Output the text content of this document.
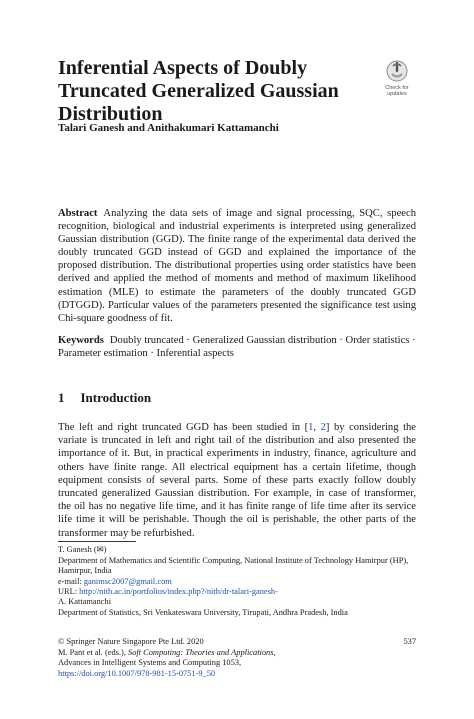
Inferential Aspects of Doubly Truncated Generalized Gaussian Distribution
Check for
updates
Talari Ganesh and Anithakumari Kattamanchi

Abstract Analyzing the data sets of image and signal processing, SQC, speech recognition, biological and industrial experiments is interpreted using generalized Gaussian distribution (GGD). The finite range of the experimental data derived the doubly truncated GGD instead of GGD and explained the importance of the proposed distribution. The distributional properties using order statistics have been derived and applied the method of moments and method of maximum likelihood estimation (MLE) to estimate the parameters of the doubly truncated GGD (DTGGD). Particular values of the parameters presented the significance test using Chi-square goodness of fit.

Keywords Doubly truncated · Generalized Gaussian distribution · Order statistics · Parameter estimation · Inferential aspects

1 Introduction

The left and right truncated GGD has been studied in [1, 2] by considering the variate is truncated in left and right tail of the distribution and also presented the importance of it. But, in practical experiments in industry, finance, agriculture and others have finite range. All electrical equipment has a certain lifetime, though equipment consists of several parts. Some of these parts exactly follow doubly truncated generalized Gaussian distribution. For example, in case of transformer, the oil has no negative life time, and it has finite range of life time after its service life time it will be perishable. Though the oil is perishable, the other parts of the transformer may be refurbished.

T. Ganesh (✉)
Department of Mathematics and Scientific Computing, National Institute of Technology Hamirpur (HP), Hamirpur, India
e-mail: ganimsc2007@gmail.com
URL: http://nith.ac.in/portfolios/index.php?/nith/dr-talari-ganesh-
A. Kattamanchi
Department of Statistics, Sri Venkateswara University, Tirupati, Andhra Pradesh, India
© Springer Nature Singapore Pte Ltd. 2020	537
M. Pant et al. (eds.), Soft Computing: Theories and Applications,
Advances in Intelligent Systems and Computing 1053,
https://doi.org/10.1007/978-981-15-0751-9_50
